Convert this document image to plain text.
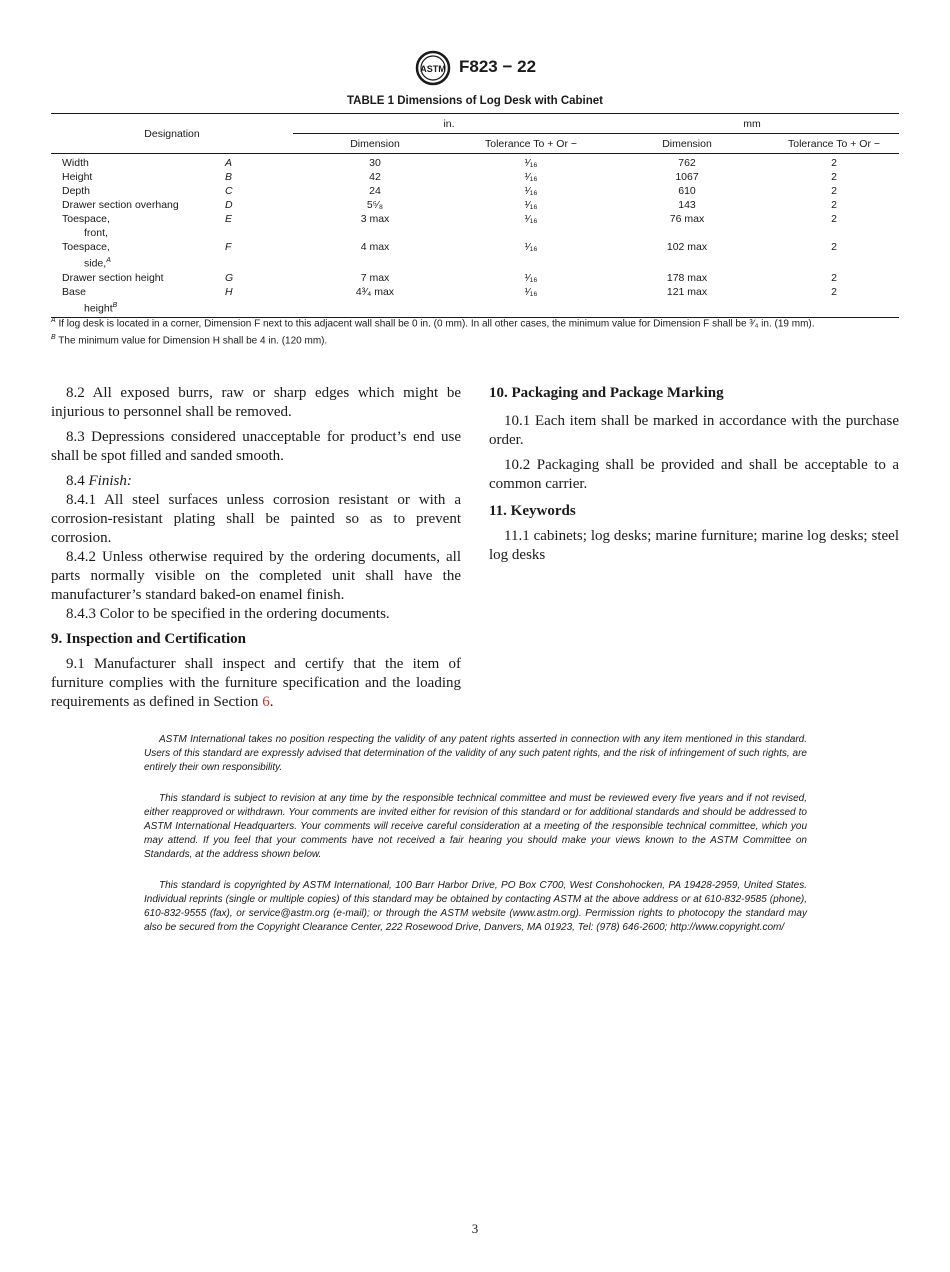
ASTM F823 − 22
TABLE 1 Dimensions of Log Desk with Cabinet
Designation		in.		mm	
		Dimension	Tolerance To + Or −	Dimension	Tolerance To + Or −
Width	A	30	¹⁄₁₆	762	2
Height	B	42	¹⁄₁₆	1067	2
Depth	C	24	¹⁄₁₆	610	2
Drawer section overhang	D	5⁵⁄₈	¹⁄₁₆	143	2
Toespace,
front,	E	3 max	¹⁄₁₆	76 max	2
Toespace,
side,$^A$	F	4 max	¹⁄₁₆	102 max	2
Drawer section height	G	7 max	¹⁄₁₆	178 max	2
Base
height$^B$	H	4³⁄₄ max	¹⁄₁₆	121 max	2
$^A$ If log desk is located in a corner, Dimension F next to this adjacent wall shall be 0 in. (0 mm). In all other cases, the minimum value for Dimension F shall be ³⁄₄ in. (19 mm).
$^B$ The minimum value for Dimension H shall be 4 in. (120 mm).

8.2 All exposed burrs, raw or sharp edges which might be injurious to personnel shall be removed.

8.3 Depressions considered unacceptable for product’s end use shall be spot filled and sanded smooth.

8.4 Finish:

8.4.1 All steel surfaces unless corrosion resistant or with a corrosion-resistant plating shall be painted so as to prevent corrosion.

8.4.2 Unless otherwise required by the ordering documents, all parts normally visible on the completed unit shall have the manufacturer’s standard baked-on enamel finish.

8.4.3 Color to be specified in the ordering documents.

9. Inspection and Certification

9.1 Manufacturer shall inspect and certify that the item of furniture complies with the furniture specification and the loading requirements as defined in Section 6.

10. Packaging and Package Marking

10.1 Each item shall be marked in accordance with the purchase order.

10.2 Packaging shall be provided and shall be acceptable to a common carrier.

11. Keywords

11.1 cabinets; log desks; marine furniture; marine log desks; steel log desks

ASTM International takes no position respecting the validity of any patent rights asserted in connection with any item mentioned in this standard. Users of this standard are expressly advised that determination of the validity of any such patent rights, and the risk of infringement of such rights, are entirely their own responsibility.

This standard is subject to revision at any time by the responsible technical committee and must be reviewed every five years and if not revised, either reapproved or withdrawn. Your comments are invited either for revision of this standard or for additional standards and should be addressed to ASTM International Headquarters. Your comments will receive careful consideration at a meeting of the responsible technical committee, which you may attend. If you feel that your comments have not received a fair hearing you should make your views known to the ASTM Committee on Standards, at the address shown below.

This standard is copyrighted by ASTM International, 100 Barr Harbor Drive, PO Box C700, West Conshohocken, PA 19428-2959, United States. Individual reprints (single or multiple copies) of this standard may be obtained by contacting ASTM at the above address or at 610-832-9585 (phone), 610-832-9555 (fax), or service@astm.org (e-mail); or through the ASTM website (www.astm.org). Permission rights to photocopy the standard may also be secured from the Copyright Clearance Center, 222 Rosewood Drive, Danvers, MA 01923, Tel: (978) 646-2600; http://www.copyright.com/

3
